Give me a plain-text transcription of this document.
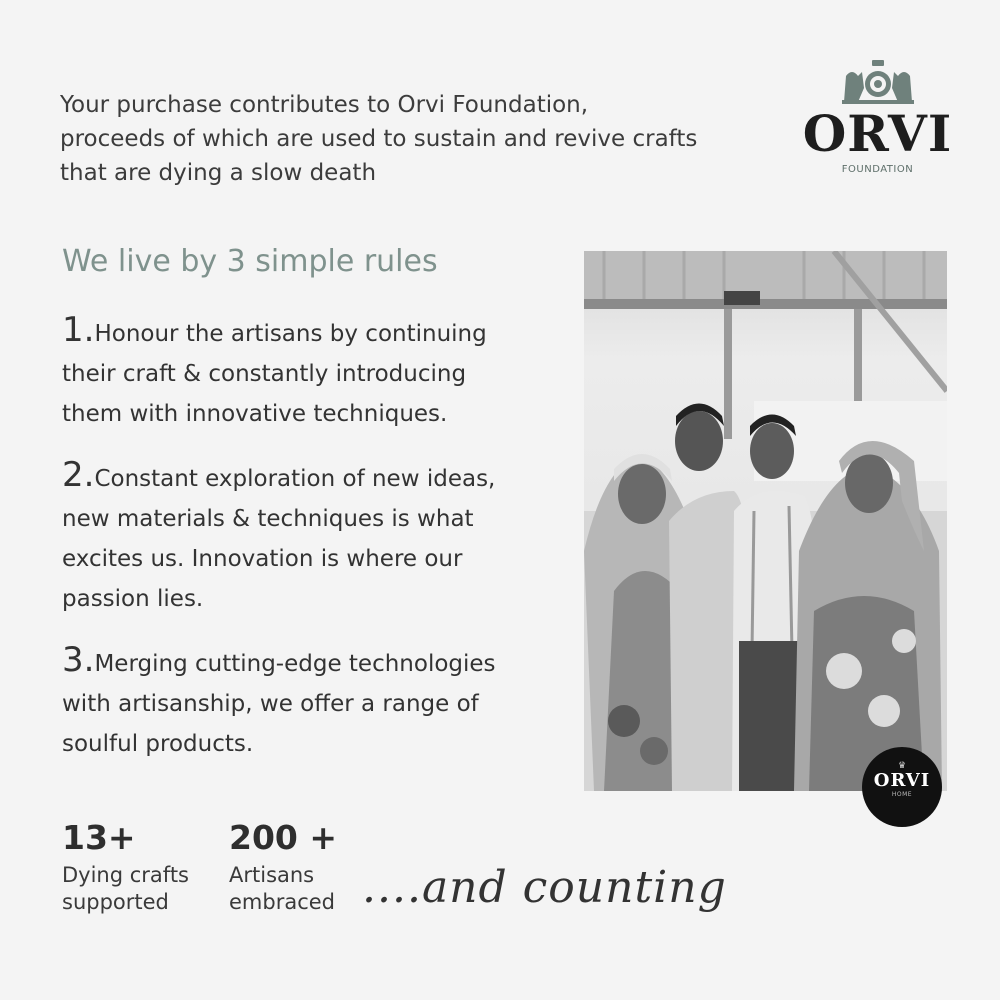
Your purchase contributes to Orvi Foundation,
proceeds of which are used to sustain and revive crafts
that are dying a slow death
ORVI
FOUNDATION
We live by 3 simple rules
1.Honour the artisans by continuing their craft & constantly introducing them with innovative techniques.
2.Constant exploration of new ideas, new materials & techniques is what excites us. Innovation is where our passion lies.
3.Merging cutting-edge technologies with artisanship, we offer a range of soulful products.
♛
ORVI
HOME
13+
Dying crafts
supported
200 +
Artisans
embraced ....and counting
